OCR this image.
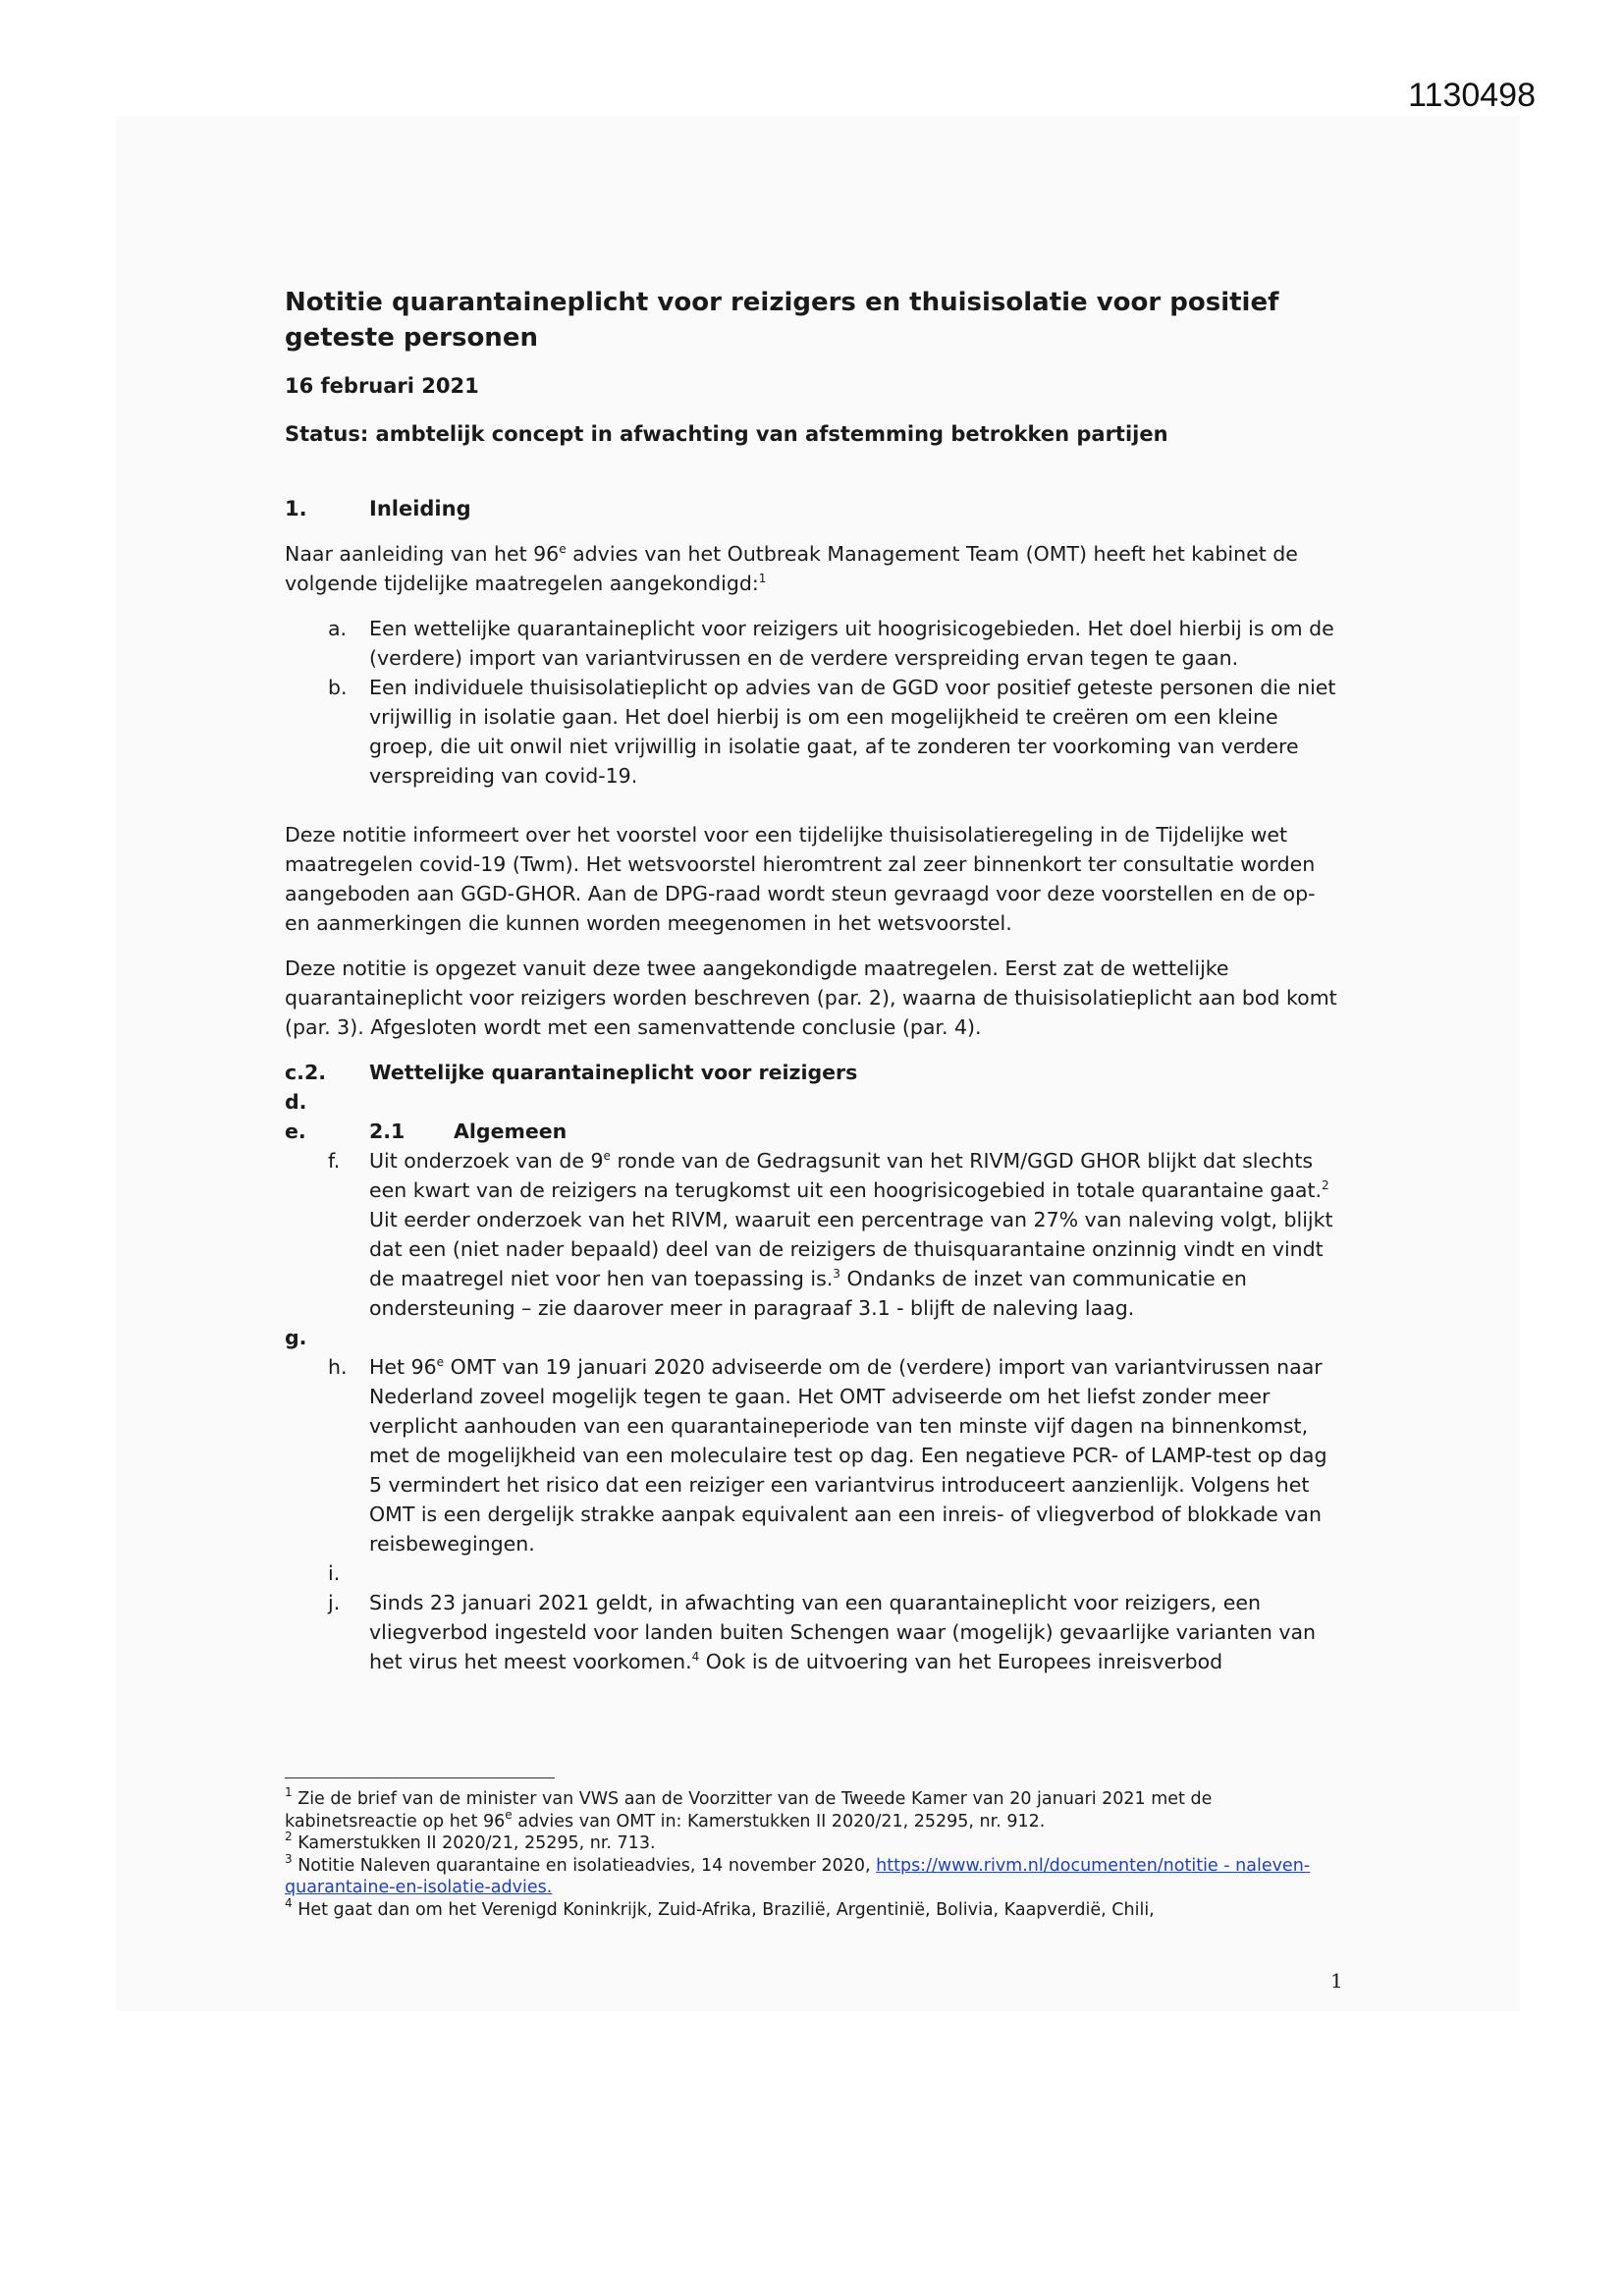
1130498
Notitie quarantaineplicht voor reizigers en thuisisolatie voor positief geteste personen
16 februari 2021
Status: ambtelijk concept in afwachting van afstemming betrokken partijen
1.	Inleiding

Naar aanleiding van het 96e advies van het Outbreak Management Team (OMT) heeft het kabinet de volgende tijdelijke maatregelen aangekondigd:$^1$

a.	Een wettelijke quarantaineplicht voor reizigers uit hoogrisicogebieden. Het doel hierbij is om de (verdere) import van variantvirussen en de verdere verspreiding ervan tegen te gaan.
b.	Een individuele thuisisolatieplicht op advies van de GGD voor positief geteste personen die niet vrijwillig in isolatie gaan. Het doel hierbij is om een mogelijkheid te creëren om een kleine groep, die uit onwil niet vrijwillig in isolatie gaat, af te zonderen ter voorkoming van verdere verspreiding van covid-19.

Deze notitie informeert over het voorstel voor een tijdelijke thuisisolatieregeling in de Tijdelijke wet maatregelen covid-19 (Twm). Het wetsvoorstel hieromtrent zal zeer binnenkort ter consultatie worden aangeboden aan GGD-GHOR. Aan de DPG-raad wordt steun gevraagd voor deze voorstellen en de op- en aanmerkingen die kunnen worden meegenomen in het wetsvoorstel.

Deze notitie is opgezet vanuit deze twee aangekondigde maatregelen. Eerst zat de wettelijke quarantaineplicht voor reizigers worden beschreven (par. 2), waarna de thuisisolatieplicht aan bod komt (par. 3). Afgesloten wordt met een samenvattende conclusie (par. 4).

c.2.	Wettelijke quarantaineplicht voor reizigers
d.
e.	2.1	Algemeen
f.	Uit onderzoek van de 9e ronde van de Gedragsunit van het RIVM/GGD GHOR blijkt dat slechts een kwart van de reizigers na terugkomst uit een hoogrisicogebied in totale quarantaine gaat.$^2$ Uit eerder onderzoek van het RIVM, waaruit een percentrage van 27% van naleving volgt, blijkt dat een (niet nader bepaald) deel van de reizigers de thuisquarantaine onzinnig vindt en vindt de maatregel niet voor hen van toepassing is.$^3$ Ondanks de inzet van communicatie en ondersteuning – zie daarover meer in paragraaf 3.1 - blijft de naleving laag.
g.
h.	Het 96e OMT van 19 januari 2020 adviseerde om de (verdere) import van variantvirussen naar Nederland zoveel mogelijk tegen te gaan. Het OMT adviseerde om het liefst zonder meer verplicht aanhouden van een quarantaineperiode van ten minste vijf dagen na binnenkomst, met de mogelijkheid van een moleculaire test op dag. Een negatieve PCR- of LAMP-test op dag 5 vermindert het risico dat een reiziger een variantvirus introduceert aanzienlijk. Volgens het OMT is een dergelijk strakke aanpak equivalent aan een inreis- of vliegverbod of blokkade van reisbewegingen.
i.
j.	Sinds 23 januari 2021 geldt, in afwachting van een quarantaineplicht voor reizigers, een vliegverbod ingesteld voor landen buiten Schengen waar (mogelijk) gevaarlijke varianten van het virus het meest voorkomen.$^4$ Ook is de uitvoering van het Europees inreisverbod

$^1$ Zie de brief van de minister van VWS aan de Voorzitter van de Tweede Kamer van 20 januari 2021 met de kabinetsreactie op het 96e advies van OMT in: Kamerstukken II 2020/21, 25295, nr. 912.

$^2$ Kamerstukken II 2020/21, 25295, nr. 713.

$^3$ Notitie Naleven quarantaine en isolatieadvies, 14 november 2020, https://www.rivm.nl/documenten/notitie - naleven-quarantaine-en-isolatie-advies.

$^4$ Het gaat dan om het Verenigd Koninkrijk, Zuid-Afrika, Brazilië, Argentinië, Bolivia, Kaapverdië, Chili,

1
